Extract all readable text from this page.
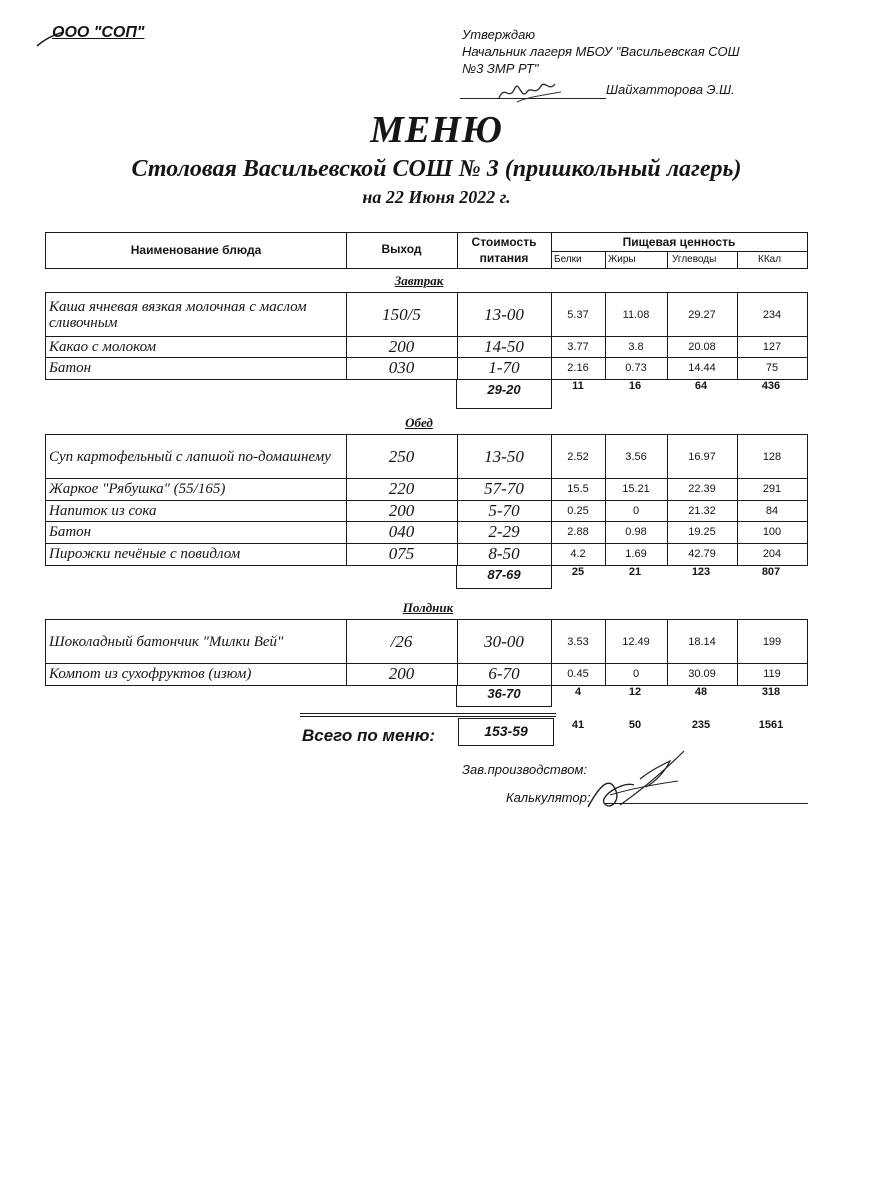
ООО "СОП"	Утверждаю
Начальник лагеря МБОУ "Васильевская СОШ
№3 ЗМР РТ"
Шайхатторова Э.Ш.
МЕНЮ
Столовая Васильевской СОШ № 3 (пришкольный лагерь)
на 22 Июня 2022 г.
Наименование блюда	Выход	Стоимость питания
Пищевая ценность
Белки	Жиры	Углеводы	ККал
Завтрак
Каша ячневая вязкая молочная с маслом сливочным	150/5	13-00	5.37	11.08	29.27	234
Какао с молоком	200	14-50	3.77	3.8	20.08	127
Батон	030	1-70	2.16	0.73	14.44	75
29-20	11	16	64	436
Обед
Суп картофельный с лапшой по-домашнему	250	13-50	2.52	3.56	16.97	128
Жаркое "Рябушка" (55/165)	220	57-70	15.5	15.21	22.39	291
Напиток из сока	200	5-70	0.25	0	21.32	84
Батон	040	2-29	2.88	0.98	19.25	100
Пирожки печёные с повидлом	075	8-50	4.2	1.69	42.79	204
87-69	25	21	123	807
Полдник
Шоколадный батончик "Милки Вей"	/26	30-00	3.53	12.49	18.14	199
Компот из сухофруктов (изюм)	200	6-70	0.45	0	30.09	119
36-70	4	12	48	318
Всего по меню:	153-59	41	50	235	1561
Зав.производством:
Калькулятор:
